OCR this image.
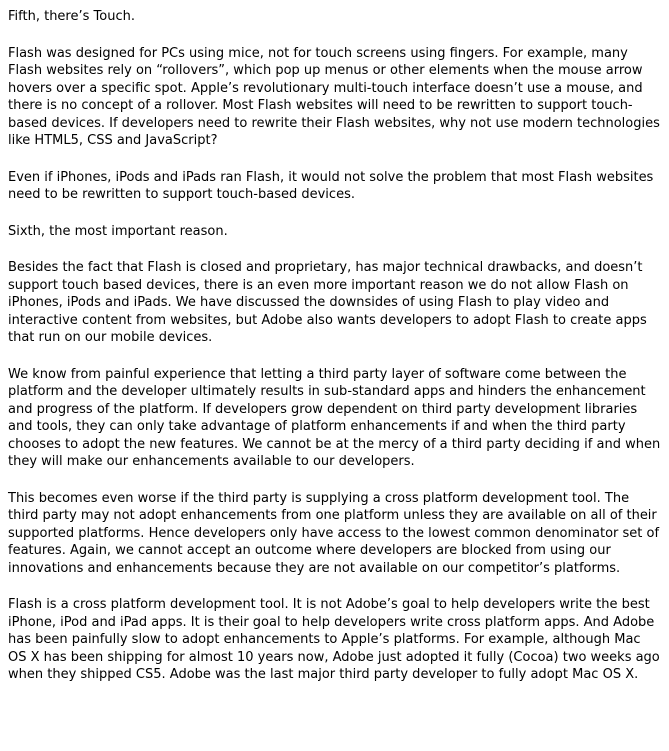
Fifth, there’s Touch.

Flash was designed for PCs using mice, not for touch screens using fingers. For example, many Flash websites rely on “rollovers”, which pop up menus or other elements when the mouse arrow hovers over a specific spot. Apple’s revolutionary multi-touch interface doesn’t use a mouse, and there is no concept of a rollover. Most Flash websites will need to be rewritten to support touch-based devices. If developers need to rewrite their Flash websites, why not use modern technologies like HTML5, CSS and JavaScript?

Even if iPhones, iPods and iPads ran Flash, it would not solve the problem that most Flash websites need to be rewritten to support touch-based devices.

Sixth, the most important reason.

Besides the fact that Flash is closed and proprietary, has major technical drawbacks, and doesn’t support touch based devices, there is an even more important reason we do not allow Flash on iPhones, iPods and iPads. We have discussed the downsides of using Flash to play video and interactive content from websites, but Adobe also wants developers to adopt Flash to create apps that run on our mobile devices.

We know from painful experience that letting a third party layer of software come between the platform and the developer ultimately results in sub-standard apps and hinders the enhancement and progress of the platform. If developers grow dependent on third party development libraries and tools, they can only take advantage of platform enhancements if and when the third party chooses to adopt the new features. We cannot be at the mercy of a third party deciding if and when they will make our enhancements available to our developers.

This becomes even worse if the third party is supplying a cross platform development tool. The third party may not adopt enhancements from one platform unless they are available on all of their supported platforms. Hence developers only have access to the lowest common denominator set of features. Again, we cannot accept an outcome where developers are blocked from using our innovations and enhancements because they are not available on our competitor’s platforms.

Flash is a cross platform development tool. It is not Adobe’s goal to help developers write the best iPhone, iPod and iPad apps. It is their goal to help developers write cross platform apps. And Adobe has been painfully slow to adopt enhancements to Apple’s platforms. For example, although Mac OS X has been shipping for almost 10 years now, Adobe just adopted it fully (Cocoa) two weeks ago when they shipped CS5. Adobe was the last major third party developer to fully adopt Mac OS X.
